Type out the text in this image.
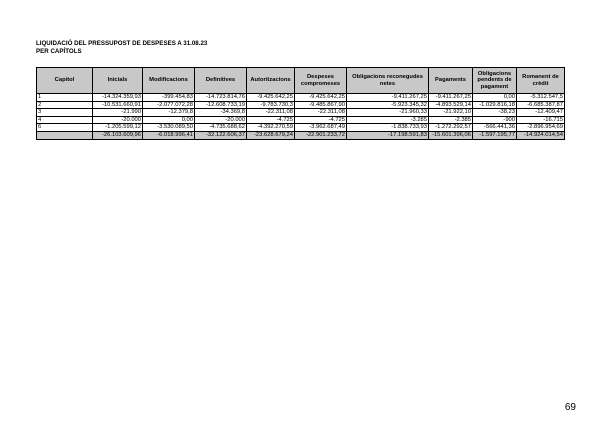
LIQUIDACIÓ DEL PRESSUPOST DE DESPESES A 31.08.23
PER CAPÍTOLS
Capítol	Inicials	Modificacions	Definitives	Autoritzacions	Despeses compromeses	Obligacions reconegudes netes	Pagaments	Obligacions pendents de pagament	Romanent de crèdit
1	-14.324.359,93	-399.454,83	-14.723.814,76	-9.425.642,25	-9.425.642,25	-9.411.267,25	-9.411.267,25	0,00	-5.312.547,5
2	-10.531.660,91	-2.077.072,28	-12.608.733,19	-9.783.730,3	-9.485.867,90	-5.923.345,32	-4.893.529,14	-1.029.816,18	-6.685.387,87
3	-21.990	-12.379,8	-34.369,8	-22.311,08	-22.311,08	-21.960,33	-21.922,10	-38,23	-12.409,47
4	-20.000	0,00	-20.000	-4.725	-4.725	-3.285	-2.385	-900	-16.715
6	-1.205.599,12	-3.530.089,50	-4.735.688,62	-4.392.270,59	-3.962.687,49	-1.838.733,93	-1.272.292,57	-566.441,36	-2.896.954,69
	-26.103.609,96	-6.018.996,41	-32.122.606,37	-23.628.679,24	-22.901.233,72	-17.198.591,83	-15.601.396,06	-1.597.195,77	-14.924.014,54
69
